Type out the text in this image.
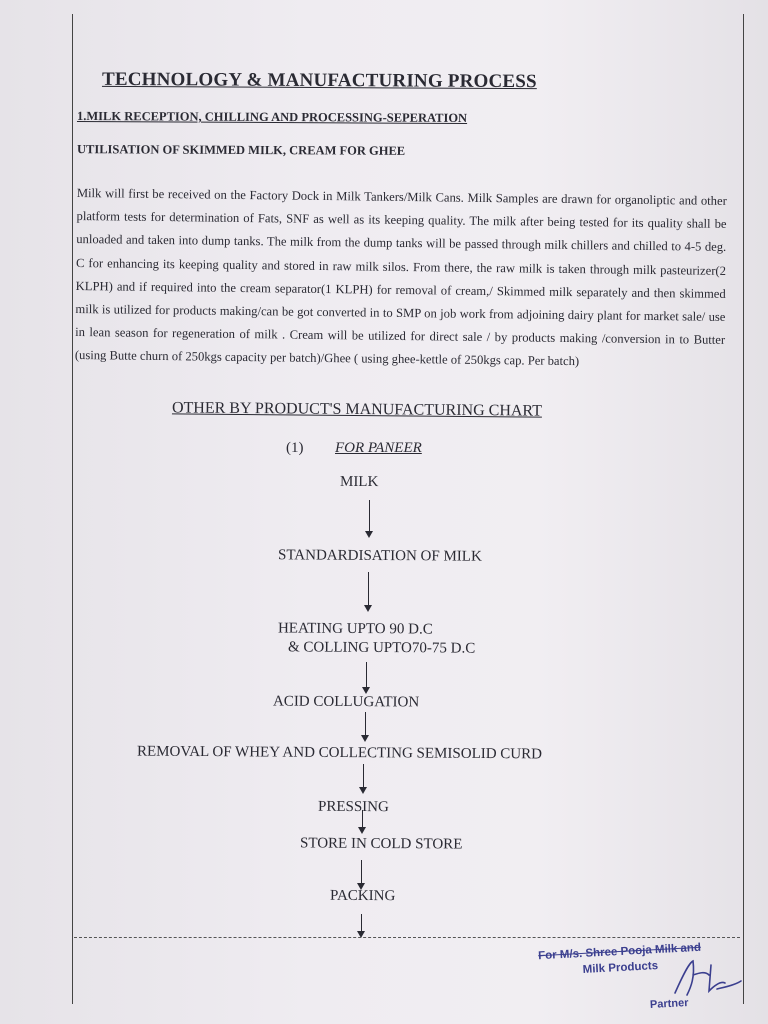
TECHNOLOGY & MANUFACTURING PROCESS
1.MILK RECEPTION, CHILLING AND PROCESSING-SEPERATION
UTILISATION OF SKIMMED MILK, CREAM FOR GHEE
Milk will first be received on the Factory Dock in Milk Tankers/Milk Cans. Milk Samples are drawn for organoliptic and other platform tests for determination of Fats, SNF as well as its keeping quality. The milk after being tested for its quality shall be unloaded and taken into dump tanks. The milk from the dump tanks will be passed through milk chillers and chilled to 4-5 deg. C for enhancing its keeping quality and stored in raw milk silos. From there, the raw milk is taken through milk pasteurizer(2 KLPH) and if required into the cream separator(1 KLPH) for removal of cream,/ Skimmed milk separately and then skimmed milk is utilized for products making/can be got converted in to SMP on job work from adjoining dairy plant for market sale/ use in lean season for regeneration of milk . Cream will be utilized for direct sale / by products making /conversion in to Butter (using Butte churn of 250kgs capacity per batch)/Ghee ( using ghee-kettle of 250kgs cap. Per batch)
OTHER BY PRODUCT'S MANUFACTURING CHART
(1) FOR PANEER
MILK
STANDARDISATION OF MILK
HEATING UPTO 90 D.C
& COLLING UPTO70-75 D.C
ACID COLLUGATION
REMOVAL OF WHEY AND COLLECTING SEMISOLID CURD
PRESSING
STORE IN COLD STORE
PACKING
For M/s. Shree Pooja Milk and
Milk Products
Partner
